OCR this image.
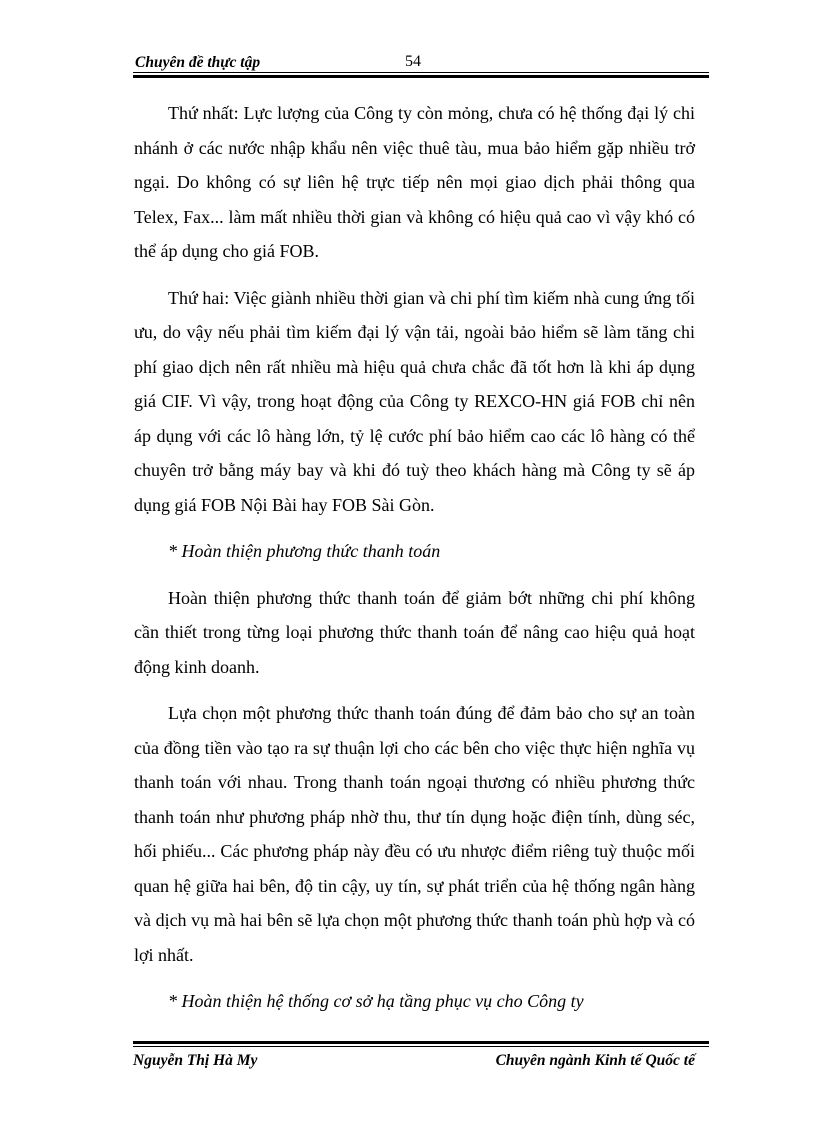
Chuyên đề thực tập	54

Thứ nhất: Lực lượng của Công ty còn mỏng, chưa có hệ thống đại lý chi nhánh ở các nước nhập khẩu nên việc thuê tàu, mua bảo hiểm gặp nhiều trở ngại. Do không có sự liên hệ trực tiếp nên mọi giao dịch phải thông qua Telex, Fax... làm mất nhiều thời gian và không có hiệu quả cao vì vậy khó có thể áp dụng cho giá FOB.

Thứ hai: Việc giành nhiều thời gian và chi phí tìm kiếm nhà cung ứng tối ưu, do vậy nếu phải tìm kiếm đại lý vận tải, ngoài bảo hiểm sẽ làm tăng chi phí giao dịch nên rất nhiều mà hiệu quả chưa chắc đã tốt hơn là khi áp dụng giá CIF. Vì vậy, trong hoạt động của Công ty REXCO-HN giá FOB chỉ nên áp dụng với các lô hàng lớn, tỷ lệ cước phí bảo hiểm cao các lô hàng có thể chuyên trở bằng máy bay và khi đó tuỳ theo khách hàng mà Công ty sẽ áp dụng giá FOB Nội Bài hay FOB Sài Gòn.

* Hoàn thiện phương thức thanh toán

Hoàn thiện phương thức thanh toán để giảm bớt những chi phí không cần thiết trong từng loại phương thức thanh toán để nâng cao hiệu quả hoạt động kinh doanh.

Lựa chọn một phương thức thanh toán đúng để đảm bảo cho sự an toàn của đồng tiền vào tạo ra sự thuận lợi cho các bên cho việc thực hiện nghĩa vụ thanh toán với nhau. Trong thanh toán ngoại thương có nhiều phương thức thanh toán như phương pháp nhờ thu, thư tín dụng hoặc điện tính, dùng séc, hối phiếu... Các phương pháp này đều có ưu nhược điểm riêng tuỳ thuộc mối quan hệ giữa hai bên, độ tin cậy, uy tín, sự phát triển của hệ thống ngân hàng và dịch vụ mà hai bên sẽ lựa chọn một phương thức thanh toán phù hợp và có lợi nhất.

* Hoàn thiện hệ thống cơ sở hạ tầng phục vụ cho Công ty

Nguyễn Thị Hà My	Chuyên ngành Kinh tế Quốc tế
